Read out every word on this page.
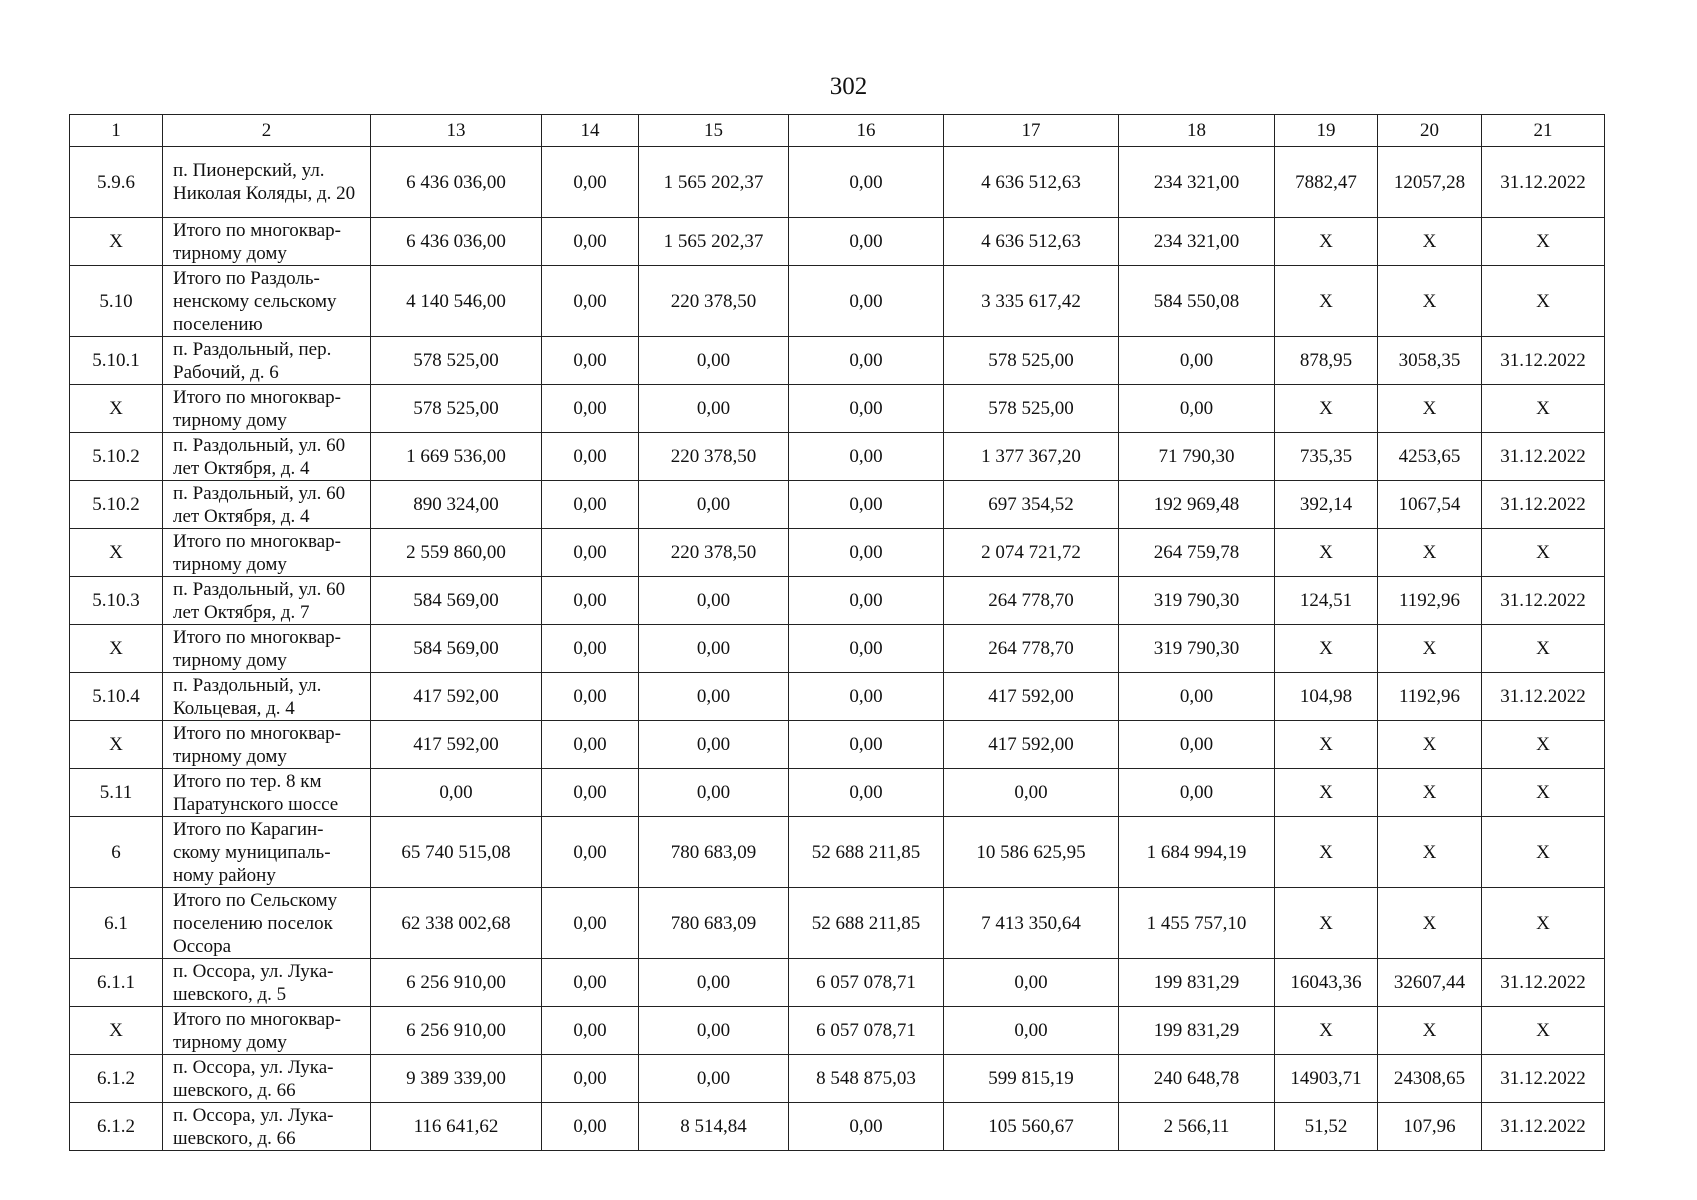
302
1	2	13	14	15	16	17	18	19	20	21
5.9.6	п. Пионерский, ул. Николая Коляды, д. 20	6 436 036,00	0,00	1 565 202,37	0,00	4 636 512,63	234 321,00	7882,47	12057,28	31.12.2022
X	Итого по многоквар-тирному дому	6 436 036,00	0,00	1 565 202,37	0,00	4 636 512,63	234 321,00	X	X	X
5.10	Итого по Раздоль-ненскому сельскому поселению	4 140 546,00	0,00	220 378,50	0,00	3 335 617,42	584 550,08	X	X	X
5.10.1	п. Раздольный, пер. Рабочий, д. 6	578 525,00	0,00	0,00	0,00	578 525,00	0,00	878,95	3058,35	31.12.2022
X	Итого по многоквар-тирному дому	578 525,00	0,00	0,00	0,00	578 525,00	0,00	X	X	X
5.10.2	п. Раздольный, ул. 60 лет Октября, д. 4	1 669 536,00	0,00	220 378,50	0,00	1 377 367,20	71 790,30	735,35	4253,65	31.12.2022
5.10.2	п. Раздольный, ул. 60 лет Октября, д. 4	890 324,00	0,00	0,00	0,00	697 354,52	192 969,48	392,14	1067,54	31.12.2022
X	Итого по многоквар-тирному дому	2 559 860,00	0,00	220 378,50	0,00	2 074 721,72	264 759,78	X	X	X
5.10.3	п. Раздольный, ул. 60 лет Октября, д. 7	584 569,00	0,00	0,00	0,00	264 778,70	319 790,30	124,51	1192,96	31.12.2022
X	Итого по многоквар-тирному дому	584 569,00	0,00	0,00	0,00	264 778,70	319 790,30	X	X	X
5.10.4	п. Раздольный, ул. Кольцевая, д. 4	417 592,00	0,00	0,00	0,00	417 592,00	0,00	104,98	1192,96	31.12.2022
X	Итого по многоквар-тирному дому	417 592,00	0,00	0,00	0,00	417 592,00	0,00	X	X	X
5.11	Итого по тер. 8 км Паратунского шоссе	0,00	0,00	0,00	0,00	0,00	0,00	X	X	X
6	Итого по Карагин-скому муниципаль-ному району	65 740 515,08	0,00	780 683,09	52 688 211,85	10 586 625,95	1 684 994,19	X	X	X
6.1	Итого по Сельскому поселению поселок Оссора	62 338 002,68	0,00	780 683,09	52 688 211,85	7 413 350,64	1 455 757,10	X	X	X
6.1.1	п. Оссора, ул. Лука-шевского, д. 5	6 256 910,00	0,00	0,00	6 057 078,71	0,00	199 831,29	16043,36	32607,44	31.12.2022
X	Итого по многоквар-тирному дому	6 256 910,00	0,00	0,00	6 057 078,71	0,00	199 831,29	X	X	X
6.1.2	п. Оссора, ул. Лука-шевского, д. 66	9 389 339,00	0,00	0,00	8 548 875,03	599 815,19	240 648,78	14903,71	24308,65	31.12.2022
6.1.2	п. Оссора, ул. Лука-шевского, д. 66	116 641,62	0,00	8 514,84	0,00	105 560,67	2 566,11	51,52	107,96	31.12.2022
